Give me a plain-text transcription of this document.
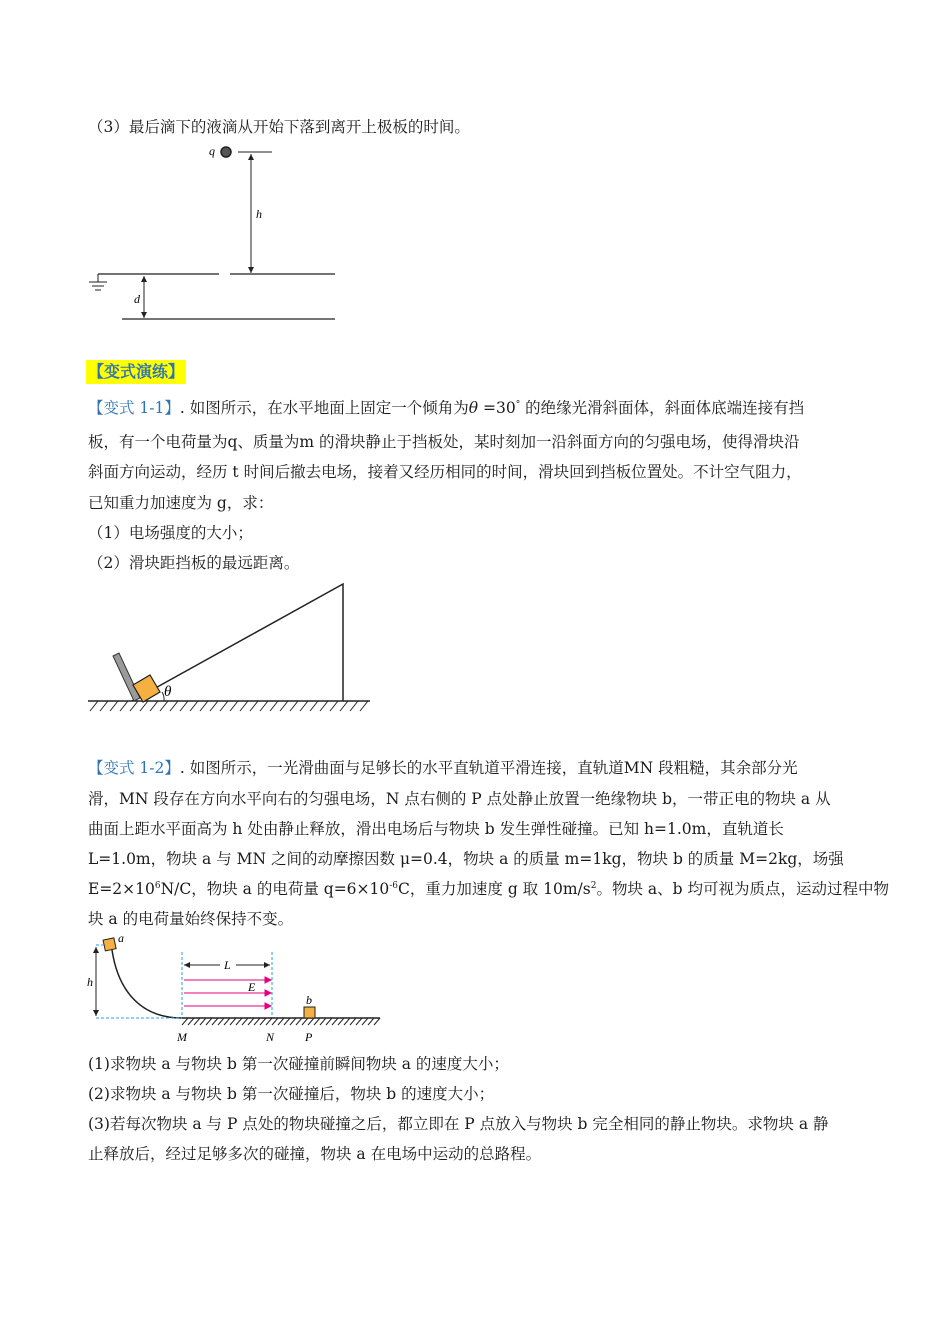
（3）最后滴下的液滴从开始下落到离开上极板的时间。
q
h
d
【变式演练】
【变式 1-1】. 如图所示，在水平地面上固定一个倾角为θ =30° 的绝缘光滑斜面体，斜面体底端连接有挡
板，有一个电荷量为q、质量为m 的滑块静止于挡板处，某时刻加一沿斜面方向的匀强电场，使得滑块沿
斜面方向运动，经历 t 时间后撤去电场，接着又经历相同的时间，滑块回到挡板位置处。不计空气阻力，
已知重力加速度为 g，求：
（1）电场强度的大小；
（2）滑块距挡板的最远距离。
θ
【变式 1-2】. 如图所示，一光滑曲面与足够长的水平直轨道平滑连接，直轨道MN 段粗糙，其余部分光
滑，MN 段存在方向水平向右的匀强电场，N 点右侧的 P 点处静止放置一绝缘物块 b，一带正电的物块 a 从
曲面上距水平面高为 h 处由静止释放，滑出电场后与物块 b 发生弹性碰撞。已知 h=1.0m，直轨道长
L=1.0m，物块 a 与 MN 之间的动摩擦因数 μ=0.4，物块 a 的质量 m=1kg，物块 b 的质量 M=2kg，场强
$E=2\times 10^6N/C$，物块 a 的电荷量 $q=6\times 10^{-6}C$，重力加速度 g 取 $10m/s^2$。物块 a、b 均可视为质点，运动过程中物
块 a 的电荷量始终保持不变。
a
h
L
E
b
M	N	P
(1)求物块 a 与物块 b 第一次碰撞前瞬间物块 a 的速度大小；
(2)求物块 a 与物块 b 第一次碰撞后，物块 b 的速度大小；
(3)若每次物块 a 与 P 点处的物块碰撞之后，都立即在 P 点放入与物块 b 完全相同的静止物块。求物块 a 静
止释放后，经过足够多次的碰撞，物块 a 在电场中运动的总路程。
